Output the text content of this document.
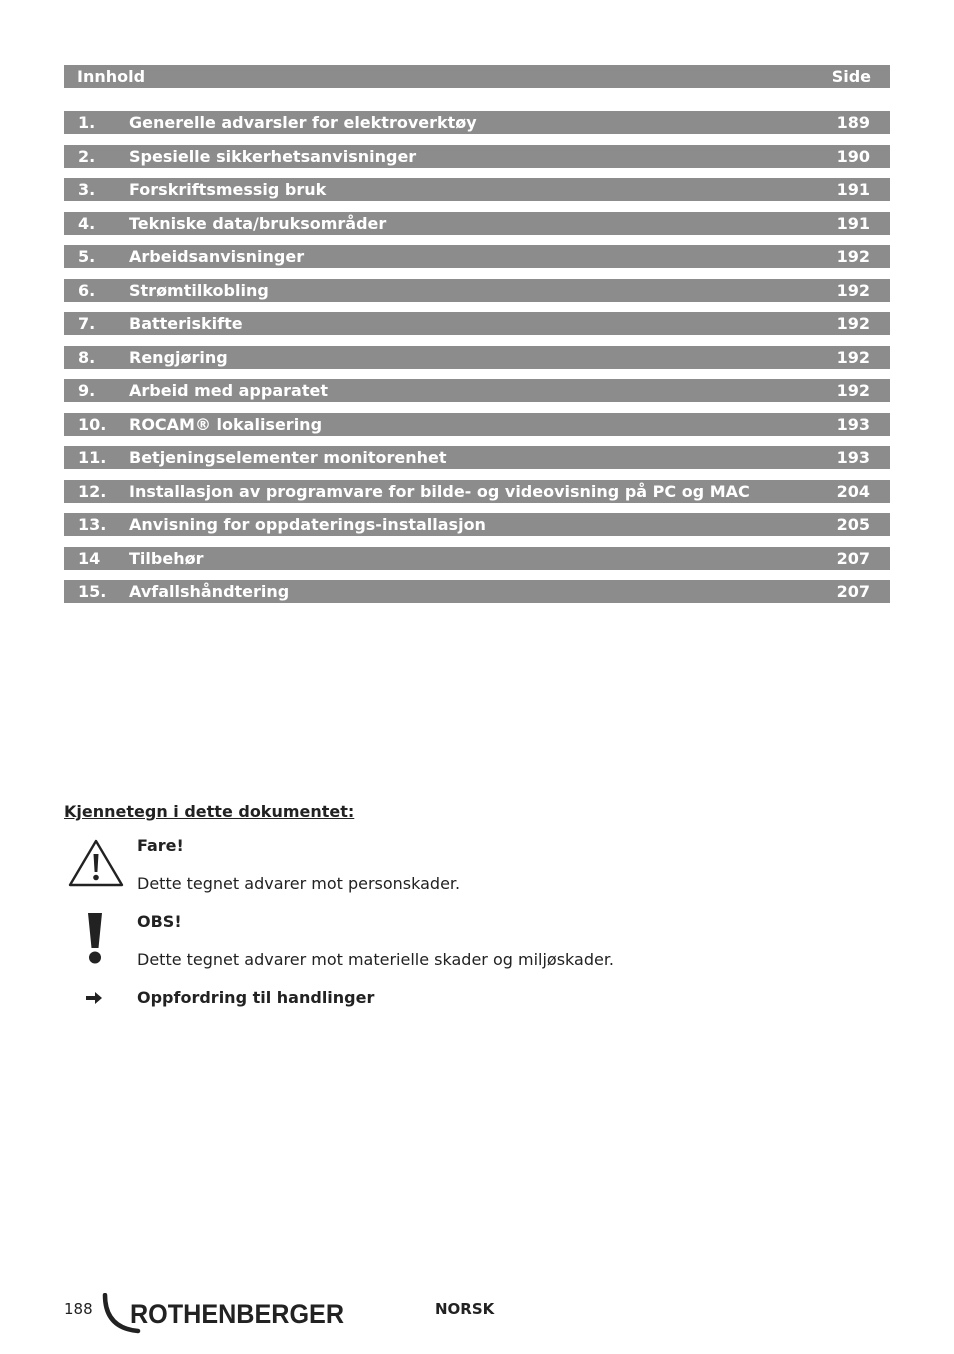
Innhold	Side
1.	Generelle advarsler for elektroverktøy	189
2.	Spesielle sikkerhetsanvisninger	190
3.	Forskriftsmessig bruk	191
4.	Tekniske data/bruksområder	191
5.	Arbeidsanvisninger	192
6.	Strømtilkobling	192
7.	Batteriskifte	192
8.	Rengjøring	192
9.	Arbeid med apparatet	192
10.	ROCAM® lokalisering	193
11.	Betjeningselementer monitorenhet	193
12.	Installasjon av programvare for bilde- og videovisning på PC og MAC	204
13.	Anvisning for oppdaterings-installasjon	205
14	Tilbehør	207
15.	Avfallshåndtering	207
Kjennetegn i dette dokumentet:
Fare!
Dette tegnet advarer mot personskader.
OBS!
Dette tegnet advarer mot materielle skader og miljøskader.
Oppfordring til handlinger
188 ROTHENBERGER	NORSK
